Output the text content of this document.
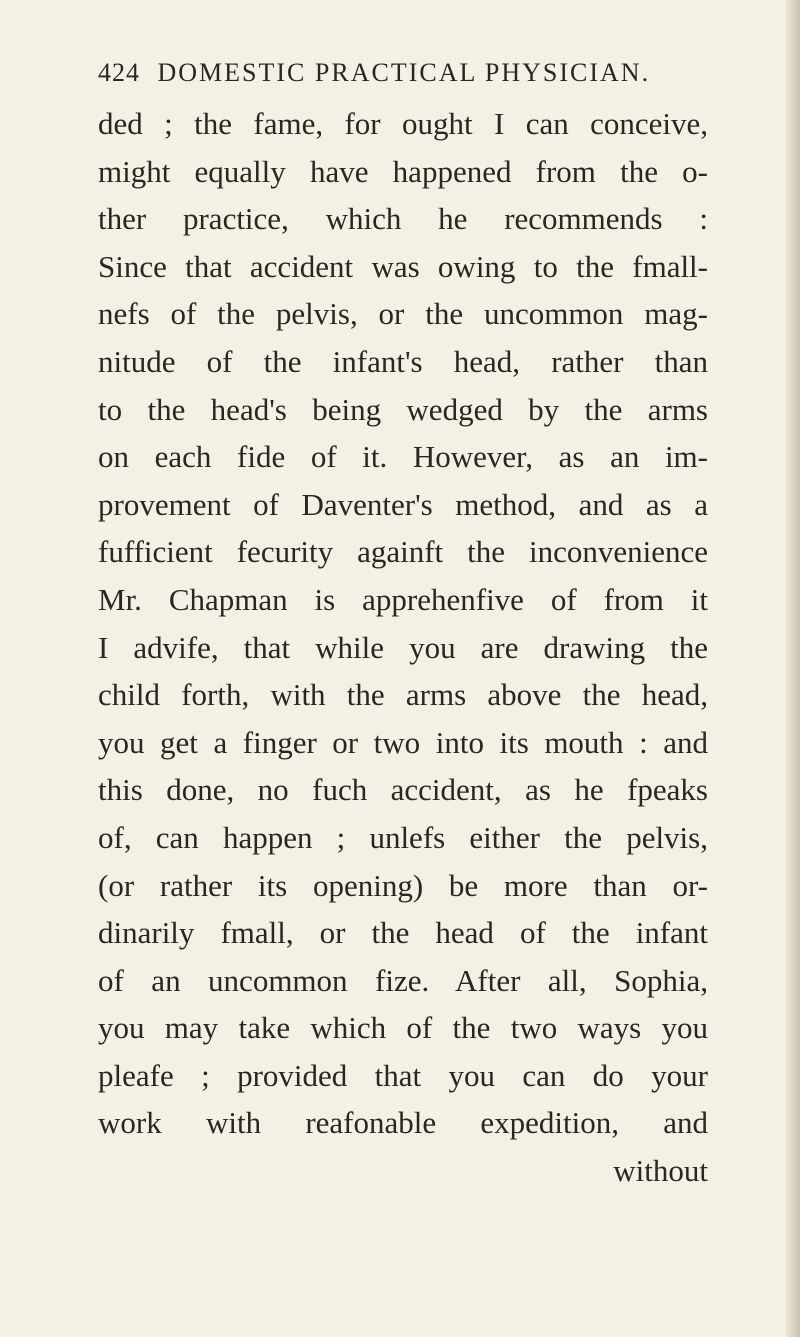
424 DOMESTIC PRACTICAL PHYSICIAN.
ded ; the fame, for ought I can conceive,
might equally have happened from the o-
ther practice, which he recommends :
Since that accident was owing to the fmall-
nefs of the pelvis, or the uncommon mag-
nitude of the infant's head, rather than
to the head's being wedged by the arms
on each fide of it. However, as an im-
provement of Daventer's method, and as a
fufficient fecurity againft the inconvenience
Mr. Chapman is apprehenfive of from it
I advife, that while you are drawing the
child forth, with the arms above the head,
you get a finger or two into its mouth : and
this done, no fuch accident, as he fpeaks
of, can happen ; unlefs either the pelvis,
(or rather its opening) be more than or-
dinarily fmall, or the head of the infant
of an uncommon fize. After all, Sophia,
you may take which of the two ways you
pleafe ; provided that you can do your
work with reafonable expedition, and
without
